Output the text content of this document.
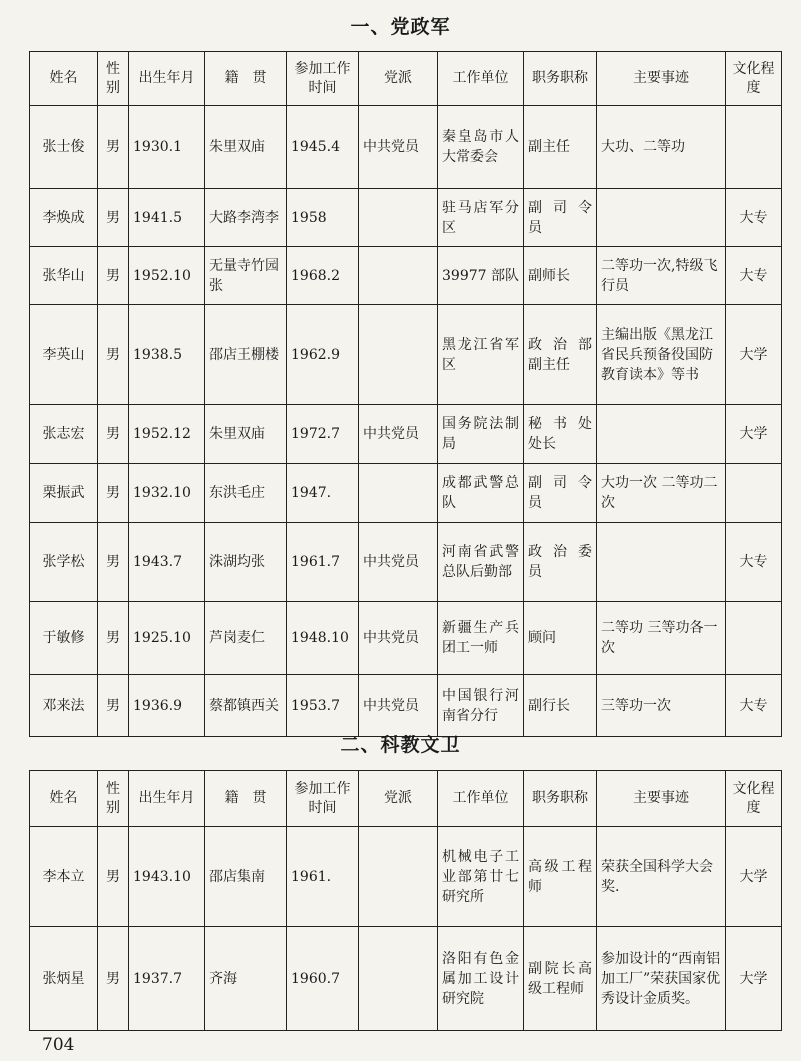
一、党政军
姓名	性别	出生年月	籍　贯	参加工作时间	党派	工作单位	职务职称	主要事迹	文化程度
张士俊	男	1930.1	朱里双庙	1945.4	中共党员	秦皇岛市人大常委会	副主任	大功、二等功	
李焕成	男	1941.5	大路李湾李	1958		驻马店军分区	副 司 令员		大专
张华山	男	1952.10	无量寺竹园张	1968.2		39977 部队	副师长	二等功一次,特级飞行员	大专
李英山	男	1938.5	邵店王棚楼	1962.9		黑龙江省军区	政 治 部副主任	主编出版《黑龙江省民兵预备役国防教育读本》等书	大学
张志宏	男	1952.12	朱里双庙	1972.7	中共党员	国务院法制局	秘 书 处处长		大学
栗振武	男	1932.10	东洪毛庄	1947.		成都武警总队	副 司 令员	大功一次 二等功二次	
张学松	男	1943.7	洙湖均张	1961.7	中共党员	河南省武警总队后勤部	政 治 委员		大专
于敏修	男	1925.10	芦岗麦仁	1948.10	中共党员	新疆生产兵团工一师	顾问	二等功 三等功各一次	
邓来法	男	1936.9	蔡都镇西关	1953.7	中共党员	中国银行河南省分行	副行长	三等功一次	大专
二、科教文卫
姓名	性别	出生年月	籍　贯	参加工作时间	党派	工作单位	职务职称	主要事迹	文化程度
李本立	男	1943.10	邵店集南	1961.		机械电子工业部第廿七研究所	高级工程师	荣获全国科学大会奖.	大学
张炳星	男	1937.7	齐海	1960.7		洛阳有色金属加工设计研究院	副院长高级工程师	参加设计的“西南铝加工厂”荣获国家优秀设计金质奖。	大学
704
